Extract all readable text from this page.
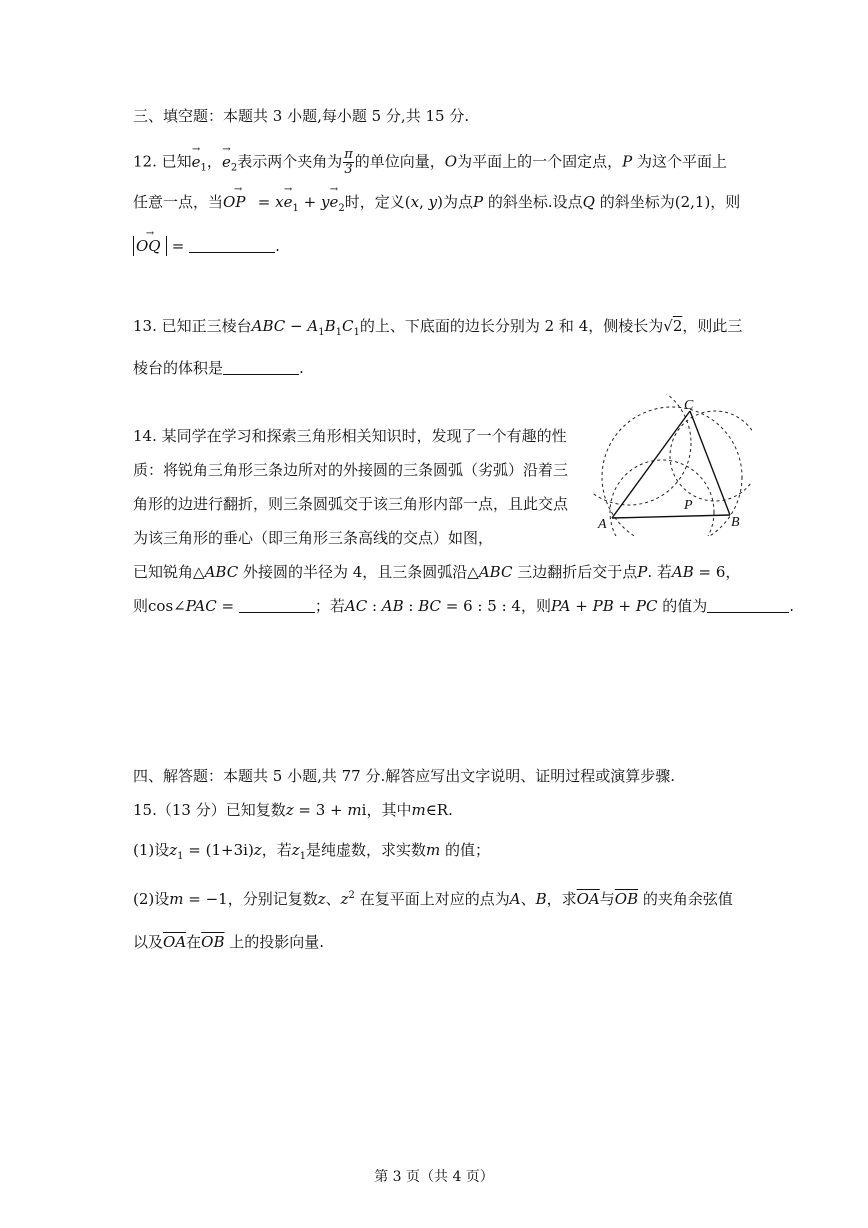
三、填空题：本题共 3 小题,每小题 5 分,共 15 分.
12. 已知→ $e_1$，→ $e_2$表示两个夹角为 $\frac{\pi}{3}$ 的单位向量，O为平面上的一个固定点，P 为这个平面上
任意一点，当→ OP = $x\to e_1 + y\to e_2$时，定义(x, y)为点P 的斜坐标.设点Q 的斜坐标为(2,1)，则
→ OQ =	.
13. 已知正三棱台ABC − $A_1B_1C_1$的上、下底面的边长分别为 2 和 4，侧棱长为√2，则此三
棱台的体积是	.
14. 某同学在学习和探索三角形相关知识时，发现了一个有趣的性
质：将锐角三角形三条边所对的外接圆的三条圆弧（劣弧）沿着三
角形的边进行翻折，则三条圆弧交于该三角形内部一点，且此交点
为该三角形的垂心（即三角形三条高线的交点）如图，
已知锐角△ABC 外接圆的半径为 4，且三条圆弧沿△ABC 三边翻折后交于点P. 若AB = 6，
则cos∠PAC =	；若AC : AB : BC = 6 : 5 : 4，则PA + PB + PC 的值为	.
C
P
A	B
四、解答题：本题共 5 小题,共 77 分.解答应写出文字说明、证明过程或演算步骤.
15.（13 分）已知复数z = 3 + mi，其中m∈R.
(1)设$z_1 = (1+3i)z$，若$z_1$是纯虚数，求实数m 的值；
(2)设m = −1，分别记复数z、$z^2$ 在复平面上对应的点为A、B，求$\overline{OA}$与$\overline{OB}$ 的夹角余弦值
以及$\overline{OA}$在$\overline{OB}$ 上的投影向量.
第 3 页（共 4 页）
